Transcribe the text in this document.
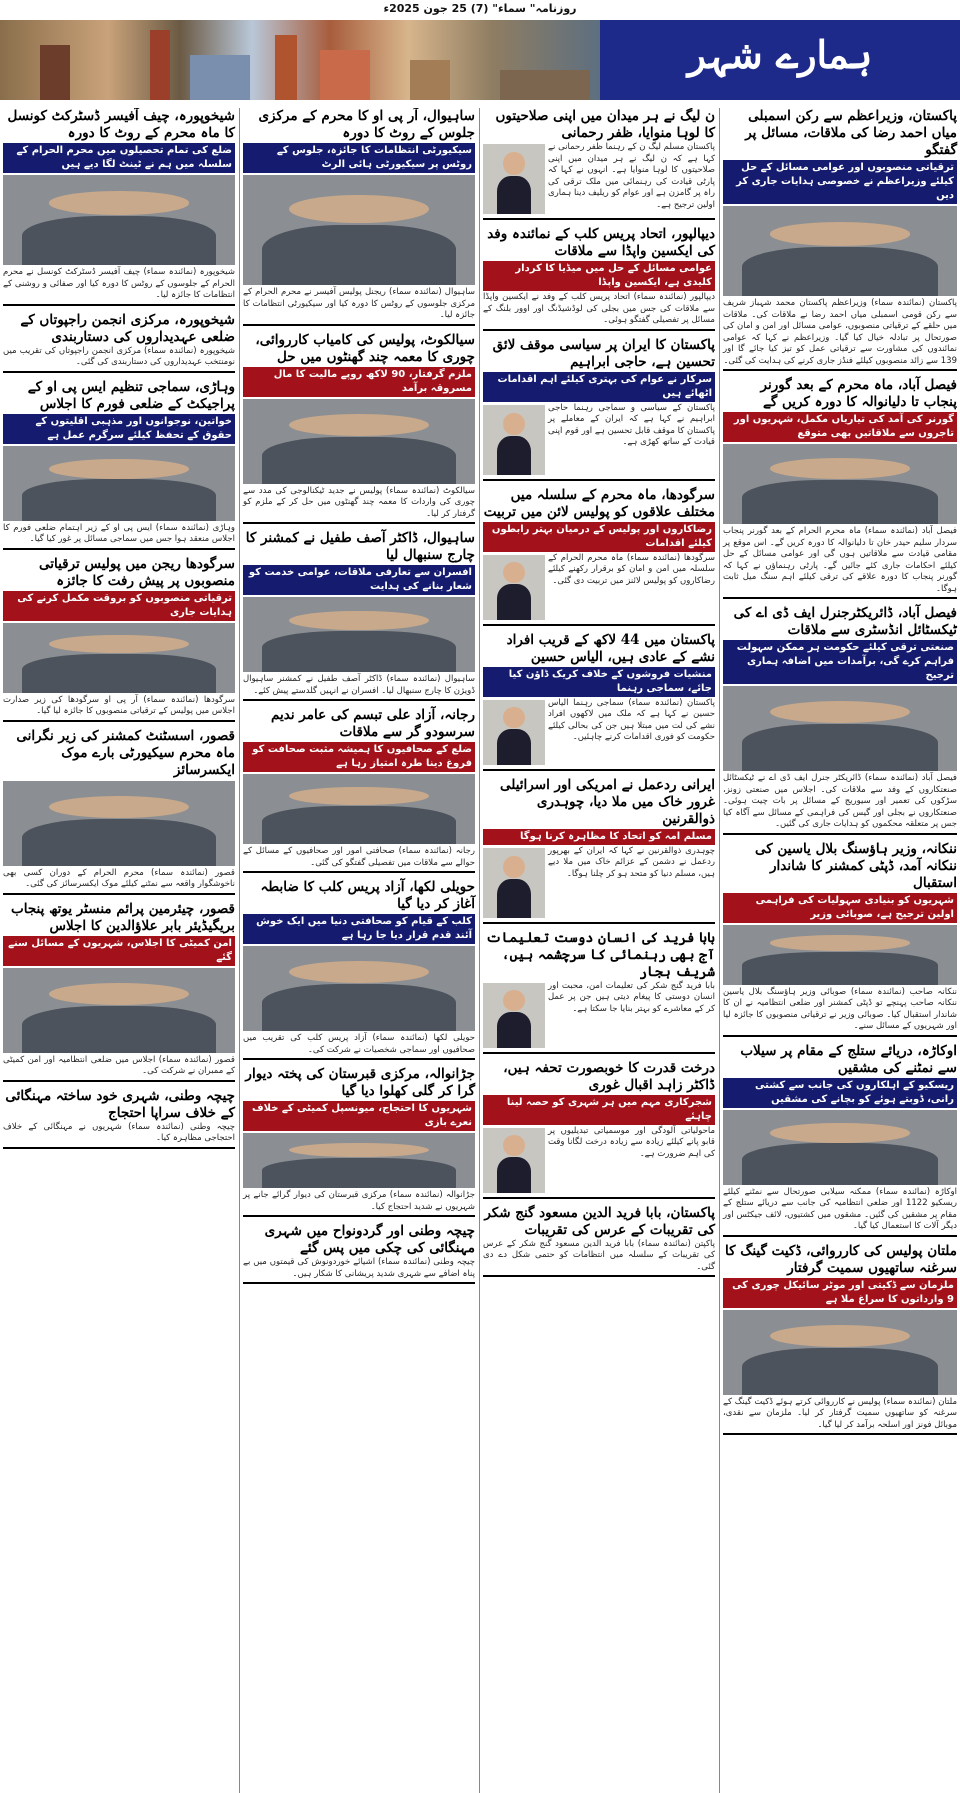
روزنامہ" سماء" (7) 25 جون 2025ء
ہمارے شہر
پاکستان، وزیراعظم سے رکن اسمبلی میاں احمد رضا کی ملاقات، مسائل پر گفتگو
ترقیاتی منصوبوں اور عوامی مسائل کے حل کیلئے وزیراعظم نے خصوصی ہدایات جاری کر دیں
پاکستان (نمائندہ سماء) وزیراعظم پاکستان محمد شہباز شریف سے رکن قومی اسمبلی میاں احمد رضا نے ملاقات کی۔ ملاقات میں حلقے کے ترقیاتی منصوبوں، عوامی مسائل اور امن و امان کی صورتحال پر تبادلہ خیال کیا گیا۔ وزیراعظم نے کہا کہ عوامی نمائندوں کی مشاورت سے ترقیاتی عمل کو تیز کیا جائے گا اور 139 سے زائد منصوبوں کیلئے فنڈز جاری کرنے کی ہدایت کی گئی۔
فیصل آباد، ماہ محرم کے بعد گورنر پنجاب تا دلیانوالہ کا دورہ کریں گے
گورنر کی آمد کی تیاریاں مکمل، شہریوں اور تاجروں سے ملاقاتیں بھی متوقع
فیصل آباد (نمائندہ سماء) ماہ محرم الحرام کے بعد گورنر پنجاب سردار سلیم حیدر خان تا دلیانوالہ کا دورہ کریں گے۔ اس موقع پر مقامی قیادت سے ملاقاتیں ہوں گی اور عوامی مسائل کے حل کیلئے احکامات جاری کئے جائیں گے۔ پارٹی رہنماؤں نے کہا کہ گورنر پنجاب کا دورہ علاقے کی ترقی کیلئے اہم سنگ میل ثابت ہوگا۔
فیصل آباد، ڈائریکٹرجنرل ایف ڈی اے کی ٹیکسٹائل انڈسٹری سے ملاقات
صنعتی ترقی کیلئے حکومت ہر ممکن سہولت فراہم کرے گی، برآمدات میں اضافہ ہماری ترجیح
فیصل آباد (نمائندہ سماء) ڈائریکٹر جنرل ایف ڈی اے نے ٹیکسٹائل صنعتکاروں کے وفد سے ملاقات کی۔ اجلاس میں صنعتی زونز، سڑکوں کی تعمیر اور سیوریج کے مسائل پر بات چیت ہوئی۔ صنعتکاروں نے بجلی اور گیس کی فراہمی کے مسائل سے آگاہ کیا جس پر متعلقہ محکموں کو ہدایات جاری کی گئیں۔
ننکانہ، وزیر ہاؤسنگ بلال یاسین کی ننکانہ آمد، ڈپٹی کمشنر کا شاندار استقبال
شہریوں کو بنیادی سہولیات کی فراہمی اولین ترجیح ہے، صوبائی وزیر
ننکانہ صاحب (نمائندہ سماء) صوبائی وزیر ہاؤسنگ بلال یاسین ننکانہ صاحب پہنچے تو ڈپٹی کمشنر اور ضلعی انتظامیہ نے ان کا شاندار استقبال کیا۔ صوبائی وزیر نے ترقیاتی منصوبوں کا جائزہ لیا اور شہریوں کے مسائل سنے۔
اوکاڑہ، دریائے ستلج کے مقام پر سیلاب سے نمٹنے کی مشقیں
ریسکیو کے اہلکاروں کی جانب سے کشتی رانی، ڈوبتے ہوئے کو بچانے کی مشقیں
اوکاڑہ (نمائندہ سماء) ممکنہ سیلابی صورتحال سے نمٹنے کیلئے ریسکیو 1122 اور ضلعی انتظامیہ کی جانب سے دریائے ستلج کے مقام پر مشقیں کی گئیں۔ مشقوں میں کشتیوں، لائف جیکٹس اور دیگر آلات کا استعمال کیا گیا۔
ملتان پولیس کی کارروائی، ڈکیت گینگ کا سرغنہ ساتھیوں سمیت گرفتار
ملزمان سے ڈکیتی اور موٹر سائیکل چوری کی 9 وارداتوں کا سراغ ملا ہے
ملتان (نمائندہ سماء) پولیس نے کارروائی کرتے ہوئے ڈکیت گینگ کے سرغنہ کو ساتھیوں سمیت گرفتار کر لیا۔ ملزمان سے نقدی، موبائل فونز اور اسلحہ برآمد کر لیا گیا۔
ن لیگ نے ہر میدان میں اپنی صلاحیتوں کا لوہا منوایا، ظفر رحمانی
پاکستان مسلم لیگ ن کے رہنما ظفر رحمانی نے کہا ہے کہ ن لیگ نے ہر میدان میں اپنی صلاحیتوں کا لوہا منوایا ہے۔ انہوں نے کہا کہ پارٹی قیادت کی رہنمائی میں ملک ترقی کی راہ پر گامزن ہے اور عوام کو ریلیف دینا ہماری اولین ترجیح ہے۔
دیپالپور، اتحاد پریس کلب کے نمائندہ وفد کی ایکسین واپڈا سے ملاقات
عوامی مسائل کے حل میں میڈیا کا کردار کلیدی ہے، ایکسین واپڈا
دیپالپور (نمائندہ سماء) اتحاد پریس کلب کے وفد نے ایکسین واپڈا سے ملاقات کی جس میں بجلی کی لوڈشیڈنگ اور اوور بلنگ کے مسائل پر تفصیلی گفتگو ہوئی۔
پاکستان کا ایران پر سیاسی موقف لائق تحسین ہے، حاجی ابراہیم
سرکار نے عوام کی بہتری کیلئے اہم اقدامات اٹھائے ہیں
پاکستان کے سیاسی و سماجی رہنما حاجی ابراہیم نے کہا ہے کہ ایران کے معاملے پر پاکستان کا موقف قابل تحسین ہے اور قوم اپنی قیادت کے ساتھ کھڑی ہے۔
سرگودھا، ماہ محرم کے سلسلہ میں مختلف علاقوں کو پولیس لائن میں تربیت
رضاکاروں اور پولیس کے درمیان بہتر رابطوں کیلئے اقدامات
سرگودھا (نمائندہ سماء) ماہ محرم الحرام کے سلسلہ میں امن و امان کو برقرار رکھنے کیلئے رضاکاروں کو پولیس لائنز میں تربیت دی گئی۔
پاکستان میں 44 لاکھ کے قریب افراد نشے کے عادی ہیں، الیاس حسین
منشیات فروشوں کے خلاف کریک ڈاؤن کیا جائے، سماجی رہنما
پاکستان (نمائندہ سماء) سماجی رہنما الیاس حسین نے کہا ہے کہ ملک میں لاکھوں افراد نشے کی لت میں مبتلا ہیں جن کی بحالی کیلئے حکومت کو فوری اقدامات کرنے چاہئیں۔
ایرانی ردعمل نے امریکی اور اسرائیلی غرور خاک میں ملا دیا، چوہدری ذوالقرنین
مسلم امہ کو اتحاد کا مظاہرہ کرنا ہوگا
چوہدری ذوالقرنین نے کہا کہ ایران کے بھرپور ردعمل نے دشمن کے عزائم خاک میں ملا دیے ہیں، مسلم دنیا کو متحد ہو کر چلنا ہوگا۔
بابا فرید کی انسان دوست تعلیمات آج بھی رہنمائی کا سرچشمہ ہیں، شریف ہجار
بابا فرید گنج شکر کی تعلیمات امن، محبت اور انسان دوستی کا پیغام دیتی ہیں جن پر عمل کر کے معاشرے کو بہتر بنایا جا سکتا ہے۔
درخت قدرت کا خوبصورت تحفہ ہیں، ڈاکٹر زاہد اقبال غوری
شجرکاری مہم میں ہر شہری کو حصہ لینا چاہئے
ماحولیاتی آلودگی اور موسمیاتی تبدیلیوں پر قابو پانے کیلئے زیادہ سے زیادہ درخت لگانا وقت کی اہم ضرورت ہے۔
پاکستان، بابا فرید الدین مسعود گنج شکر کی تقریبات کے عرس کی تقریبات
پاکپتن (نمائندہ سماء) بابا فرید الدین مسعود گنج شکر کے عرس کی تقریبات کے سلسلہ میں انتظامات کو حتمی شکل دے دی گئی۔
ساہیوال، آر پی او کا محرم کے مرکزی جلوس کے روٹ کا دورہ
سیکیورٹی انتظامات کا جائزہ، جلوس کے روٹس پر سیکیورٹی ہائی الرٹ
ساہیوال (نمائندہ سماء) ریجنل پولیس آفیسر نے محرم الحرام کے مرکزی جلوسوں کے روٹس کا دورہ کیا اور سیکیورٹی انتظامات کا جائزہ لیا۔
سیالکوٹ، پولیس کی کامیاب کارروائی، چوری کا معمہ چند گھنٹوں میں حل
ملزم گرفتار، 90 لاکھ روپے مالیت کا مال مسروقہ برآمد
سیالکوٹ (نمائندہ سماء) پولیس نے جدید ٹیکنالوجی کی مدد سے چوری کی واردات کا معمہ چند گھنٹوں میں حل کر کے ملزم کو گرفتار کر لیا۔
ساہیوال، ڈاکٹر آصف طفیل نے کمشنر کا چارج سنبھال لیا
افسران سے تعارفی ملاقات، عوامی خدمت کو شعار بنانے کی ہدایت
ساہیوال (نمائندہ سماء) ڈاکٹر آصف طفیل نے کمشنر ساہیوال ڈویژن کا چارج سنبھال لیا۔ افسران نے انہیں گلدستے پیش کئے۔
رجانہ، آزاد علی تبسم کی عامر ندیم سرسودو گر سے ملاقات
ضلع کے صحافیوں کا ہمیشہ مثبت صحافت کو فروغ دینا طرہ امتیاز رہا ہے
رجانہ (نمائندہ سماء) صحافتی امور اور صحافیوں کے مسائل کے حوالے سے ملاقات میں تفصیلی گفتگو کی گئی۔
حویلی لکھا، آزاد پریس کلب کا ضابطہ آغاز کر دیا گیا
کلب کے قیام کو صحافتی دنیا میں ایک خوش آئند قدم قرار دیا جا رہا ہے
حویلی لکھا (نمائندہ سماء) آزاد پریس کلب کی تقریب میں صحافیوں اور سماجی شخصیات نے شرکت کی۔
جڑانوالہ، مرکزی قبرستان کی پختہ دیوار گرا کر گلی کھلوا دیا گیا
شہریوں کا احتجاج، میونسپل کمیٹی کے خلاف نعرے بازی
جڑانوالہ (نمائندہ سماء) مرکزی قبرستان کی دیوار گرائے جانے پر شہریوں نے شدید احتجاج کیا۔
چیچہ وطنی اور گردونواح میں شہری مہنگائی کی چکی میں پس گئے
چیچہ وطنی (نمائندہ سماء) اشیائے خوردونوش کی قیمتوں میں بے پناہ اضافے سے شہری شدید پریشانی کا شکار ہیں۔
شیخوپورہ، چیف آفیسر ڈسٹرکٹ کونسل کا ماہ محرم کے روٹ کا دورہ
ضلع کی تمام تحصیلوں میں محرم الحرام کے سلسلہ میں ہم نے ٹینٹ لگا دیے ہیں
شیخوپورہ (نمائندہ سماء) چیف آفیسر ڈسٹرکٹ کونسل نے محرم الحرام کے جلوسوں کے روٹس کا دورہ کیا اور صفائی و روشنی کے انتظامات کا جائزہ لیا۔
شیخوپورہ، مرکزی انجمن راجپوتاں کے ضلعی عہدیداروں کی دستاربندی
شیخوپورہ (نمائندہ سماء) مرکزی انجمن راجپوتاں کی تقریب میں نومنتخب عہدیداروں کی دستاربندی کی گئی۔
وہاڑی، سماجی تنظیم ایس پی او کے پراجیکٹ کے ضلعی فورم کا اجلاس
خواتین، نوجوانوں اور مذہبی اقلیتوں کے حقوق کے تحفظ کیلئے سرگرم عمل ہے
وہاڑی (نمائندہ سماء) ایس پی او کے زیر اہتمام ضلعی فورم کا اجلاس منعقد ہوا جس میں سماجی مسائل پر غور کیا گیا۔
سرگودھا ریجن میں پولیس ترقیاتی منصوبوں پر پیش رفت کا جائزہ
ترقیاتی منصوبوں کو بروقت مکمل کرنے کی ہدایات جاری
سرگودھا (نمائندہ سماء) آر پی او سرگودھا کی زیر صدارت اجلاس میں پولیس کے ترقیاتی منصوبوں کا جائزہ لیا گیا۔
قصور، اسسٹنٹ کمشنر کی زیر نگرانی ماہ محرم سیکیورٹی بارے موک ایکسرسائز
قصور (نمائندہ سماء) محرم الحرام کے دوران کسی بھی ناخوشگوار واقعہ سے نمٹنے کیلئے موک ایکسرسائز کی گئی۔
قصور، چیئرمین پرائم منسٹر یوتھ پنجاب بریگیڈیئر بابر علاؤالدین کا اجلاس
امن کمیٹی کا اجلاس، شہریوں کے مسائل سنے گئے
قصور (نمائندہ سماء) اجلاس میں ضلعی انتظامیہ اور امن کمیٹی کے ممبران نے شرکت کی۔
چیچہ وطنی، شہری خود ساختہ مہنگائی کے خلاف سراپا احتجاج
چیچہ وطنی (نمائندہ سماء) شہریوں نے مہنگائی کے خلاف احتجاجی مظاہرہ کیا۔
